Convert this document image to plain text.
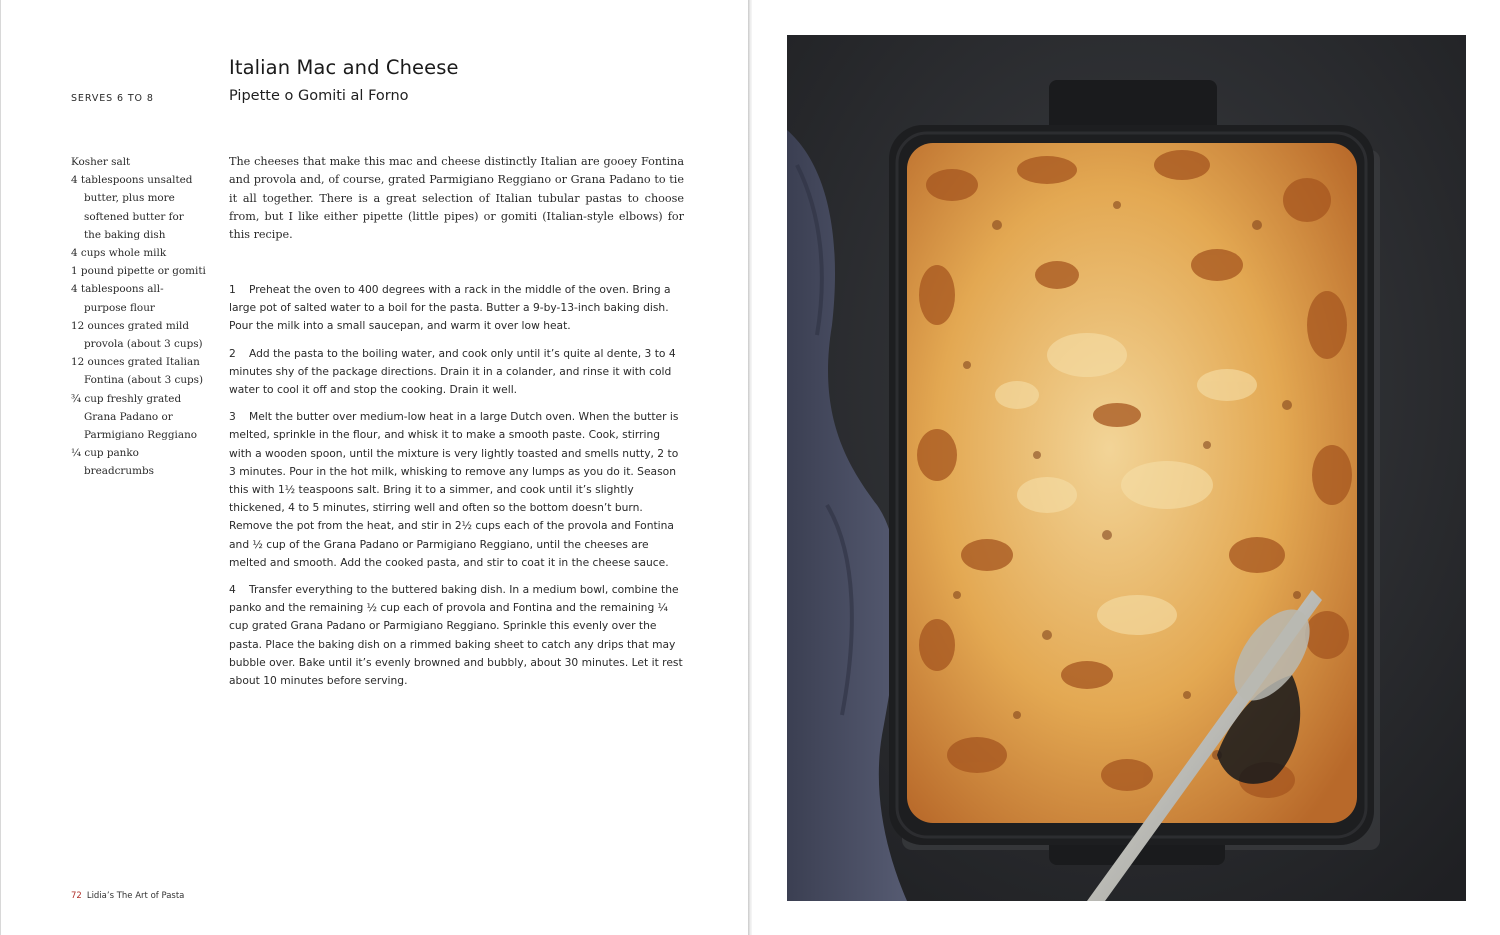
Italian Mac and Cheese
Pipette o Gomiti al Forno
SERVES 6 TO 8
Kosher salt
4 tablespoons unsalted
butter, plus more
softened butter for
the baking dish
4 cups whole milk
1 pound pipette or gomiti
4 tablespoons all-
purpose flour
12 ounces grated mild
provola (about 3 cups)
12 ounces grated Italian
Fontina (about 3 cups)
¾ cup freshly grated
Grana Padano or
Parmigiano Reggiano
¼ cup panko
breadcrumbs

The cheeses that make this mac and cheese distinctly Italian are gooey Fontina and provola and, of course, grated Parmigiano Reggiano or Grana Padano to tie it all together. There is a great selection of Italian tubular pastas to choose from, but I like either pipette (little pipes) or gomiti (Italian-style elbows) for this recipe.

1 Preheat the oven to 400 degrees with a rack in the middle of the oven. Bring a large pot of salted water to a boil for the pasta. Butter a 9-by-13-inch baking dish. Pour the milk into a small saucepan, and warm it over low heat.

2 Add the pasta to the boiling water, and cook only until it’s quite al dente, 3 to 4 minutes shy of the package directions. Drain it in a colander, and rinse it with cold water to cool it off and stop the cooking. Drain it well.

3 Melt the butter over medium-low heat in a large Dutch oven. When the butter is melted, sprinkle in the flour, and whisk it to make a smooth paste. Cook, stirring with a wooden spoon, until the mixture is very lightly toasted and smells nutty, 2 to 3 minutes. Pour in the hot milk, whisking to remove any lumps as you do it. Season this with 1½ teaspoons salt. Bring it to a simmer, and cook until it’s slightly thickened, 4 to 5 minutes, stirring well and often so the bottom doesn’t burn. Remove the pot from the heat, and stir in 2½ cups each of the provola and Fontina and ½ cup of the Grana Padano or Parmigiano Reggiano, until the cheeses are melted and smooth. Add the cooked pasta, and stir to coat it in the cheese sauce.

4 Transfer everything to the buttered baking dish. In a medium bowl, combine the panko and the remaining ½ cup each of provola and Fontina and the remaining ¼ cup grated Grana Padano or Parmigiano Reggiano. Sprinkle this evenly over the pasta. Place the baking dish on a rimmed baking sheet to catch any drips that may bubble over. Bake until it’s evenly browned and bubbly, about 30 minutes. Let it rest about 10 minutes before serving.

72 Lidia’s The Art of Pasta
